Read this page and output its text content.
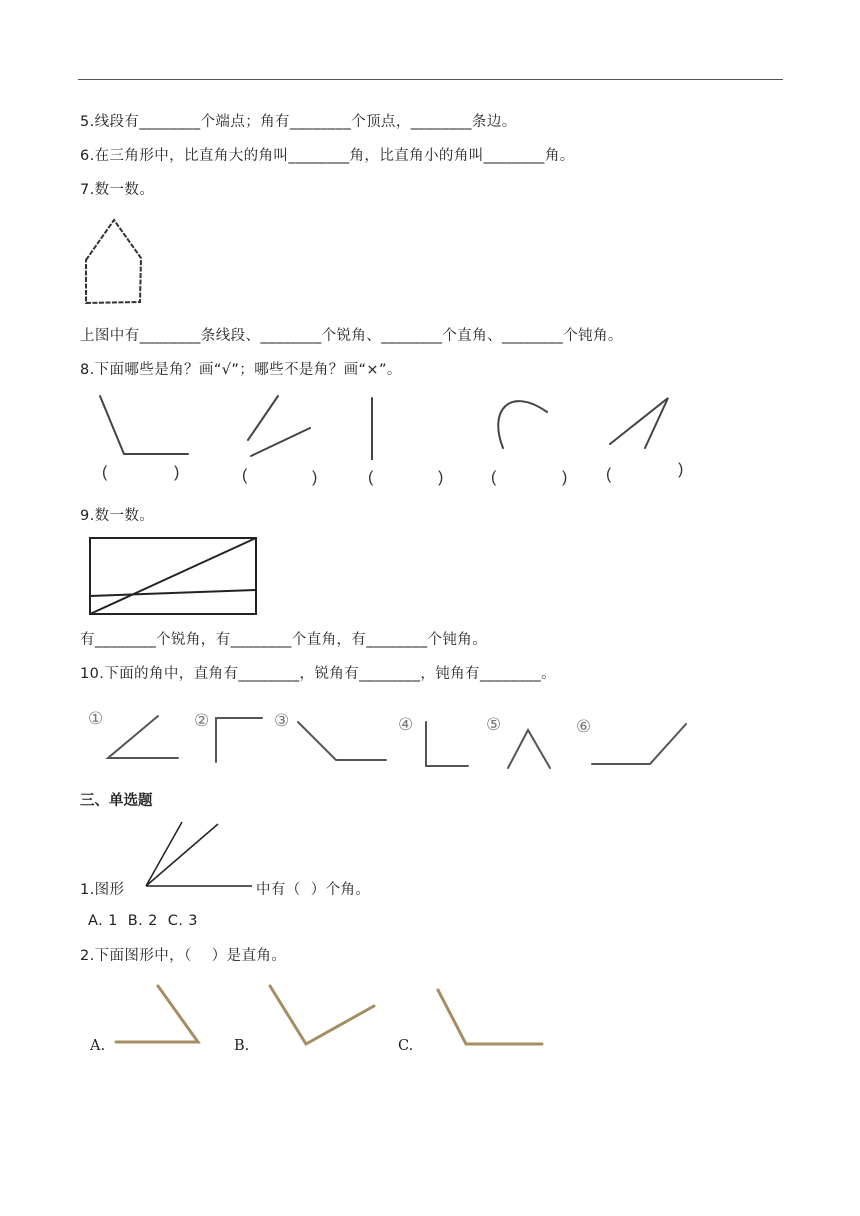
5.线段有________个端点；角有________个顶点，________条边。
6.在三角形中，比直角大的角叫________角，比直角小的角叫________角。
7.数一数。
上图中有________条线段、________个锐角、________个直角、________个钝角。
8.下面哪些是角？画“√”；哪些不是角？画“×”。
(	)	(	)	(	)	(	) (	)
9.数一数。
有________个锐角，有________个直角，有________个钝角。
10.下面的角中，直角有________，锐角有________，钝角有________。
①	②	③	④	⑤	⑥
三、单选题
1.图形	中有（  ）个角。
A. 1  B. 2  C. 3
2.下面图形中，（    ）是直角。
A.	B.	C.
